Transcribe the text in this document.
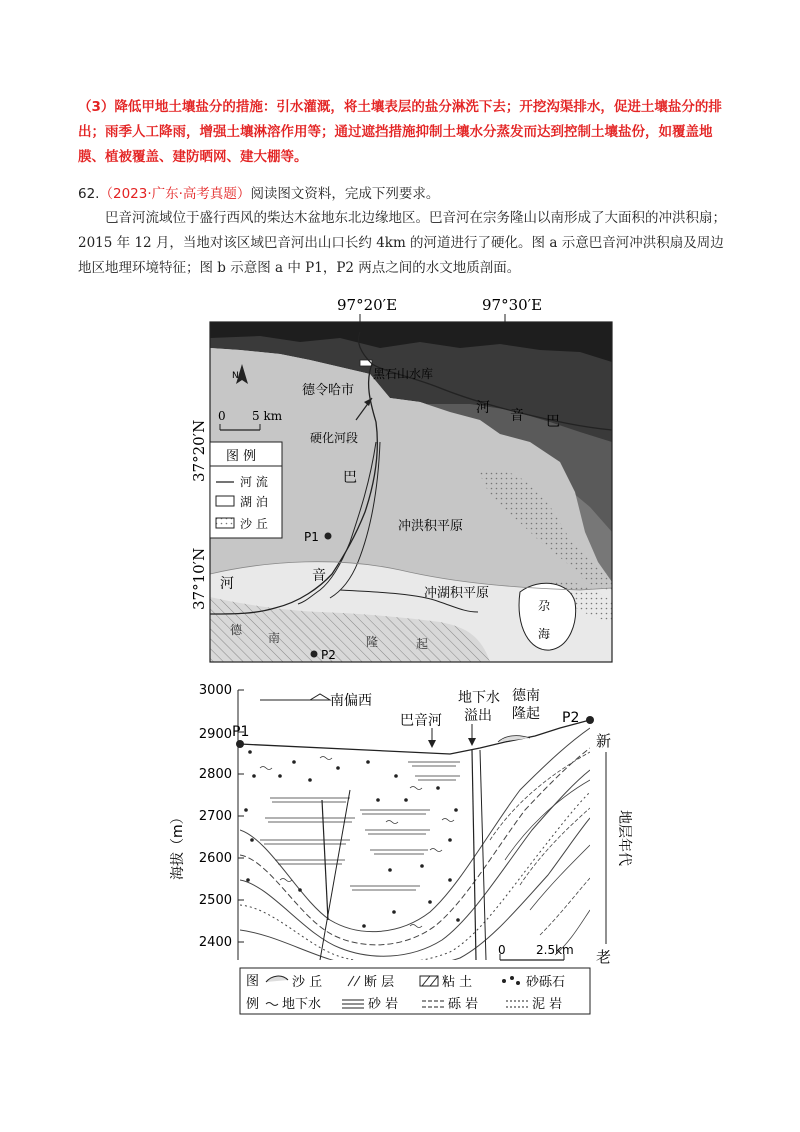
（3）降低甲地土壤盐分的措施：引水灌溉，将土壤表层的盐分淋洗下去；开挖沟渠排水，促进土壤盐分的排出；雨季人工降雨，增强土壤淋溶作用等；通过遮挡措施抑制土壤水分蒸发而达到控制土壤盐份，如覆盖地膜、植被覆盖、建防晒网、建大棚等。
62.（2023·广东·高考真题）阅读图文资料，完成下列要求。
巴音河流域位于盛行西风的柴达木盆地东北边缘地区。巴音河在宗务隆山以南形成了大面积的冲洪积扇；2015 年 12 月，当地对该区域巴音河出山口长约 4km 的河道进行了硬化。图 a 示意巴音河冲洪积扇及周边地区地理环境特征；图 b 示意图 a 中 P1，P2 两点之间的水文地质剖面。
97°20′E	97°30′E
37°20′N
37°10′N
N
0 5 km
图 例
河 流
湖 泊
沙 丘
德令哈市
黑石山水库
硬化河段
冲洪积平原
冲湖积平原
P1
P2
尕
海
河 音 巴
巴
河	音
德
南	隆	起
3000
2900
2800
2700
2600
2500
2400
海拔（m）
南偏西
巴音河
地下水
溢出
德南
隆起
P1
P2
新
地层年代
老
0	2.5km
图
例
沙 丘	断 层	粘 土	砂砾石
地下水	砂 岩	砾 岩	泥 岩
